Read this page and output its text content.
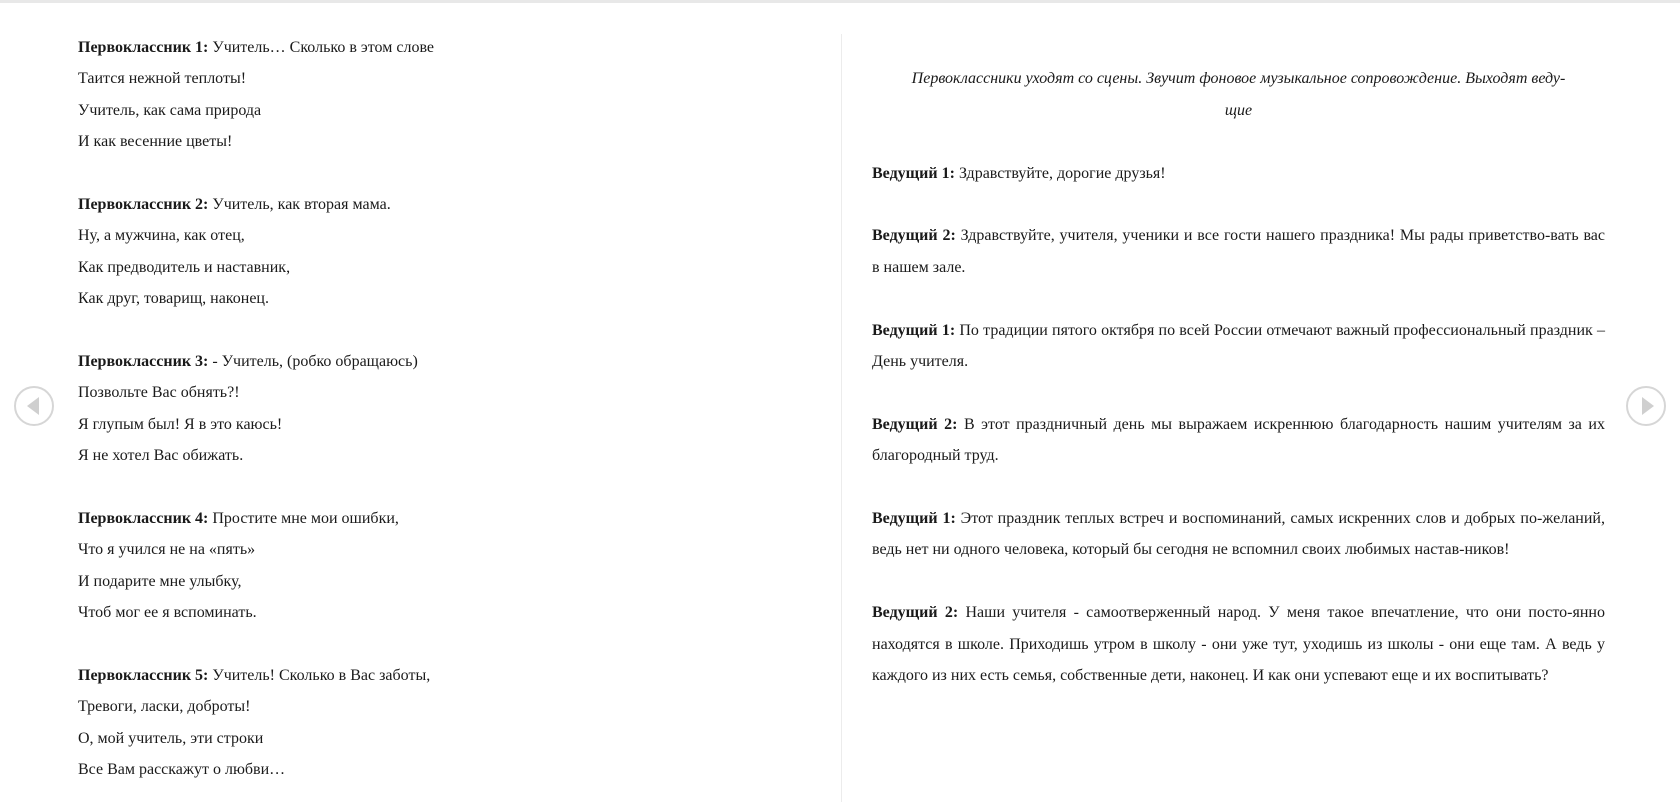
Первоклассник 1: Учитель… Сколько в этом слове
Таится нежной теплоты!
Учитель, как сама природа
И как весенние цветы!
Первоклассник 2: Учитель, как вторая мама.
Ну, а мужчина, как отец,
Как предводитель и наставник,
Как друг, товарищ, наконец.
Первоклассник 3: - Учитель, (робко обращаюсь)
Позвольте Вас обнять?!
Я глупым был! Я в это каюсь!
Я не хотел Вас обижать.
Первоклассник 4: Простите мне мои ошибки,
Что я учился не на «пять»
И подарите мне улыбку,
Чтоб мог ее я вспоминать.
Первоклассник 5: Учитель! Сколько в Вас заботы,
Тревоги, ласки, доброты!
О, мой учитель, эти строки
Все Вам расскажут о любви…
Первоклассники уходят со сцены. Звучит фоновое музыкальное сопровождение. Выходят веду-
щие
Ведущий 1: Здравствуйте, дорогие друзья!
Ведущий 2: Здравствуйте, учителя, ученики и все гости нашего праздника! Мы рады приветство-вать вас в нашем зале.
Ведущий 1: По традиции пятого октября по всей России отмечают важный профессиональный праздник – День учителя.
Ведущий 2: В этот праздничный день мы выражаем искреннюю благодарность нашим учителям за их благородный труд.
Ведущий 1: Этот праздник теплых встреч и воспоминаний, самых искренних слов и добрых по-желаний, ведь нет ни одного человека, который бы сегодня не вспомнил своих любимых настав-ников!
Ведущий 2: Наши учителя - самоотверженный народ. У меня такое впечатление, что они посто-янно находятся в школе. Приходишь утром в школу - они уже тут, уходишь из школы - они еще там. А ведь у каждого из них есть семья, собственные дети, наконец. И как они успевают еще и их воспитывать?
